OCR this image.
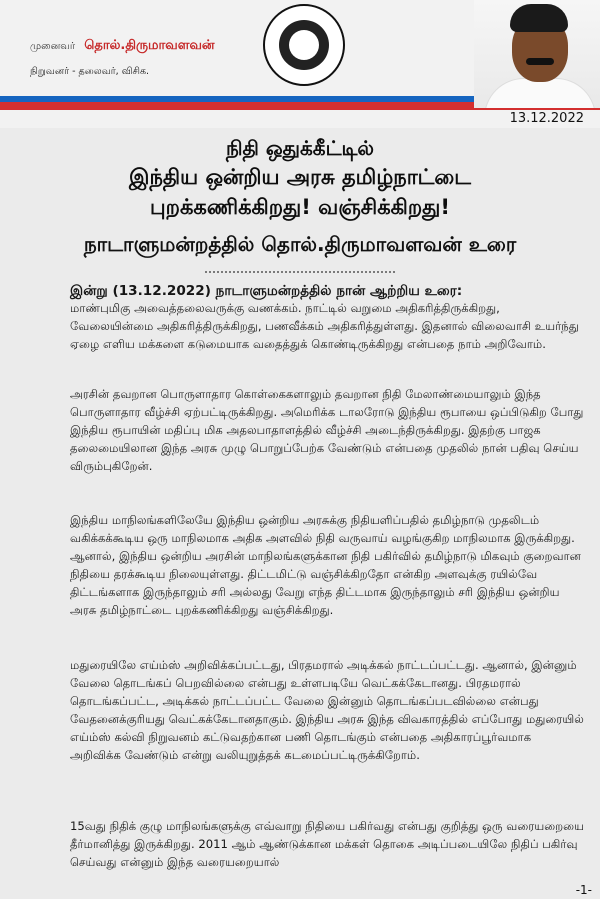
முனைவர் தொல்.திருமாவளவன்
நிறுவனர் - தலைவர், விசிக.
13.12.2022
நிதி ஒதுக்கீட்டில்
இந்திய ஒன்றிய அரசு தமிழ்நாட்டை
புறக்கணிக்கிறது! வஞ்சிக்கிறது!
நாடாளுமன்றத்தில் தொல்.திருமாவளவன் உரை
இன்று (13.12.2022) நாடாளுமன்றத்தில் நான் ஆற்றிய உரை:

மாண்புமிகு அவைத்தலைவருக்கு வணக்கம். நாட்டில் வறுமை அதிகரித்திருக்கிறது, வேலையின்மை அதிகரித்திருக்கிறது, பணவீக்கம் அதிகரித்துள்ளது. இதனால் விலைவாசி உயர்ந்து ஏழை எளிய மக்களை கடுமையாக வதைத்துக் கொண்டிருக்கிறது என்பதை நாம் அறிவோம்.

அரசின் தவறான பொருளாதார கொள்கைகளாலும் தவறான நிதி மேலாண்மையாலும் இந்த பொருளாதார வீழ்ச்சி ஏற்பட்டிருக்கிறது. அமெரிக்க டாலரோடு இந்திய ரூபாயை ஒப்பிடுகிற போது இந்திய ரூபாயின் மதிப்பு மிக அதலபாதாளத்தில் வீழ்ச்சி அடைந்திருக்கிறது. இதற்கு பாஜக தலைமையிலான இந்த அரசு முழு பொறுப்பேற்க வேண்டும் என்பதை முதலில் நான் பதிவு செய்ய விரும்புகிறேன்.

இந்திய மாநிலங்களிலேயே இந்திய ஒன்றிய அரசுக்கு நிதியளிப்பதில் தமிழ்நாடு முதலிடம் வகிக்கக்கூடிய ஒரு மாநிலமாக அதிக அளவில் நிதி வருவாய் வழங்குகிற மாநிலமாக இருக்கிறது. ஆனால், இந்திய ஒன்றிய அரசின் மாநிலங்களுக்கான நிதி பகிர்வில் தமிழ்நாடு மிகவும் குறைவான நிதியை தரக்கூடிய நிலையுள்ளது. திட்டமிட்டு வஞ்சிக்கிறதோ என்கிற அளவுக்கு ரயில்வே திட்டங்களாக இருந்தாலும் சரி அல்லது வேறு எந்த திட்டமாக இருந்தாலும் சரி இந்திய ஒன்றிய அரசு தமிழ்நாட்டை புறக்கணிக்கிறது வஞ்சிக்கிறது.

மதுரையிலே எய்ம்ஸ் அறிவிக்கப்பட்டது, பிரதமரால் அடிக்கல் நாட்டப்பட்டது. ஆனால், இன்னும் வேலை தொடங்கப் பெறவில்லை என்பது உள்ளபடியே வெட்கக்கேடானது. பிரதமரால் தொடங்கப்பட்ட, அடிக்கல் நாட்டப்பட்ட வேலை இன்னும் தொடங்கப்படவில்லை என்பது வேதனைக்குரியது வெட்கக்கேடானதாகும். இந்திய அரசு இந்த விவகாரத்தில் எப்போது மதுரையில் எய்ம்ஸ் கல்வி நிறுவனம் கட்டுவதற்கான பணி தொடங்கும் என்பதை அதிகாரப்பூர்வமாக அறிவிக்க வேண்டும் என்று வலியுறுத்தக் கடமைப்பட்டிருக்கிறோம்.

15வது நிதிக் குழு மாநிலங்களுக்கு எவ்வாறு நிதியை பகிர்வது என்பது குறித்து ஒரு வரையறையை தீர்மானித்து இருக்கிறது. 2011 ஆம் ஆண்டுக்கான மக்கள் தொகை அடிப்படையிலே நிதிப் பகிர்வு செய்வது என்னும் இந்த வரையறையால்

-1-
